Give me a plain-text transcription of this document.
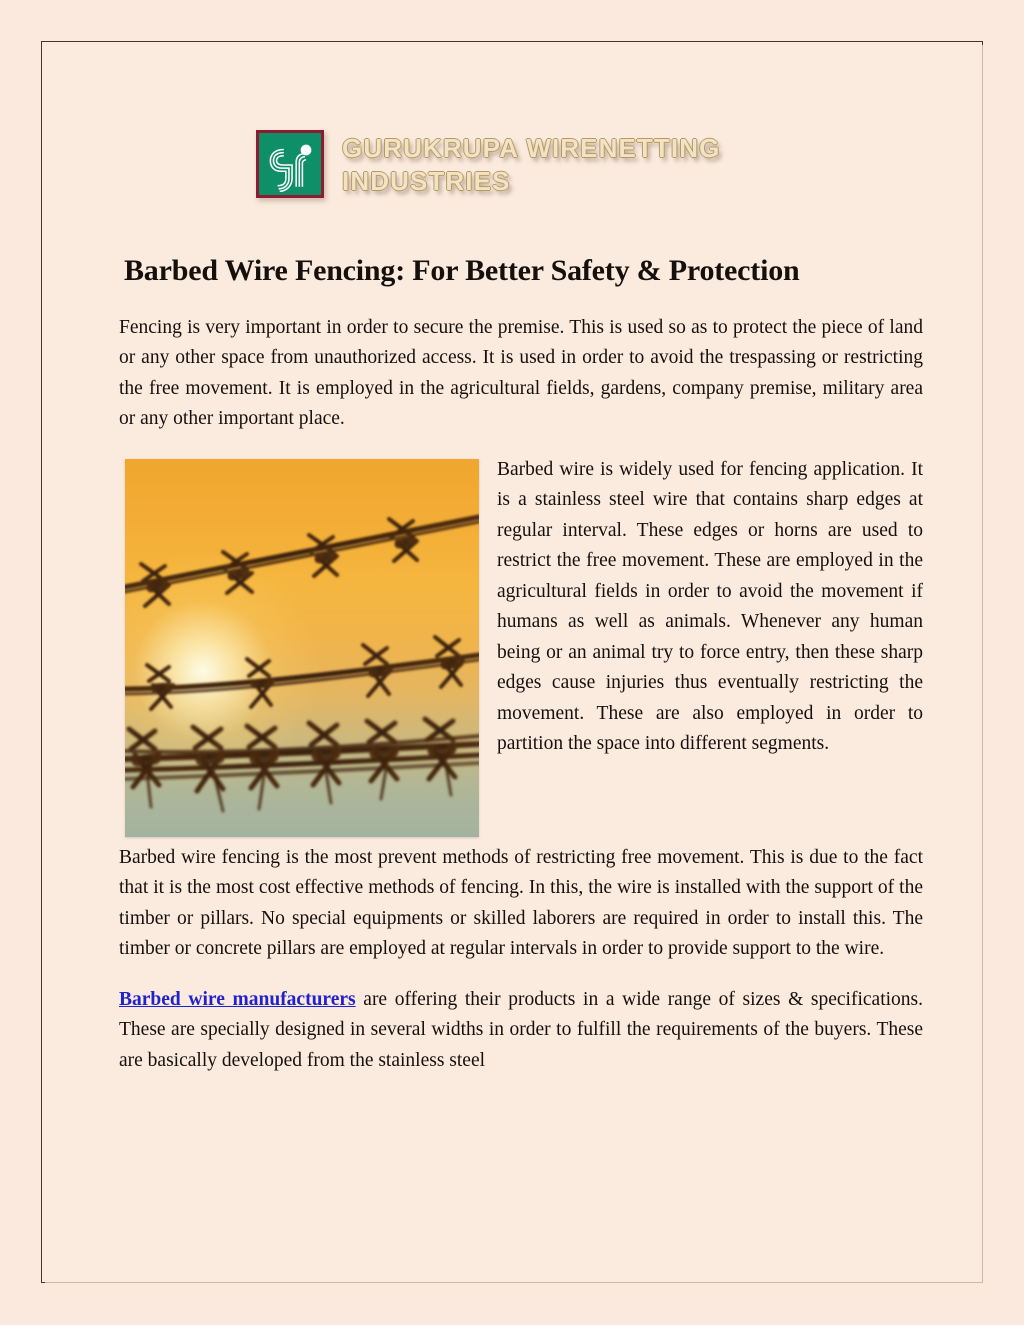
GURUKRUPA WIRENETTING
INDUSTRIES
Barbed Wire Fencing: For Better Safety & Protection

Fencing is very important in order to secure the premise. This is used so as to protect the piece of land or any other space from unauthorized access. It is used in order to avoid the trespassing or restricting the free movement. It is employed in the agricultural fields, gardens, company premise, military area or any other important place.

Barbed wire is widely used for fencing application. It is a stainless steel wire that contains sharp edges at regular interval. These edges or horns are used to restrict the free movement. These are employed in the agricultural fields in order to avoid the movement if humans as well as animals. Whenever any human being or an animal try to force entry, then these sharp edges cause injuries thus eventually restricting the movement. These are also employed in order to partition the space into different segments.

Barbed wire fencing is the most prevent methods of restricting free movement. This is due to the fact that it is the most cost effective methods of fencing. In this, the wire is installed with the support of the timber or pillars. No special equipments or skilled laborers are required in order to install this. The timber or concrete pillars are employed at regular intervals in order to provide support to the wire.

Barbed wire manufacturers are offering their products in a wide range of sizes & specifications. These are specially designed in several widths in order to fulfill the requirements of the buyers. These are basically developed from the stainless steel
